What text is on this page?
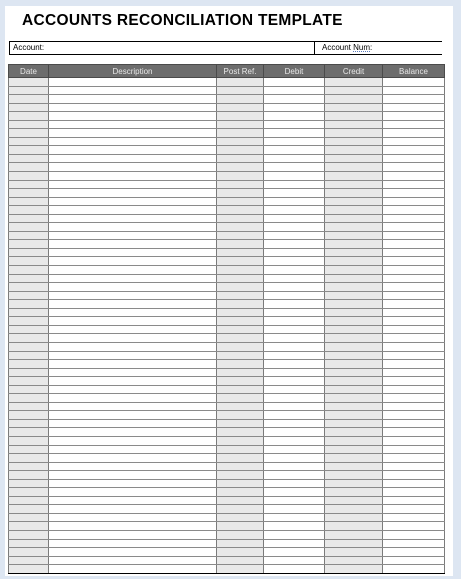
ACCOUNTS RECONCILIATION TEMPLATE
Account:	Account Num:
Date	Description	Post Ref.	Debit	Credit	Balance
